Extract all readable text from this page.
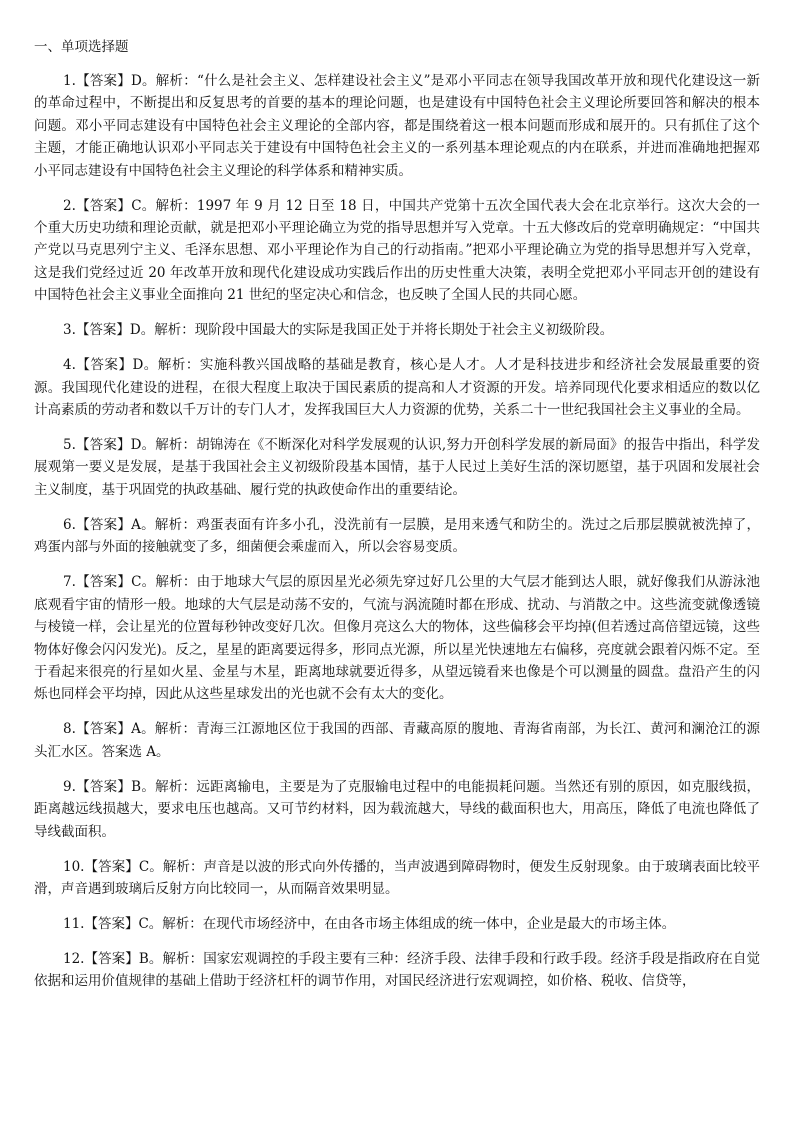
一、单项选择题

1.【答案】D。解析：“什么是社会主义、怎样建设社会主义”是邓小平同志在领导我国改革开放和现代化建设这一新的革命过程中，不断提出和反复思考的首要的基本的理论问题，也是建设有中国特色社会主义理论所要回答和解决的根本问题。邓小平同志建设有中国特色社会主义理论的全部内容，都是围绕着这一根本问题而形成和展开的。只有抓住了这个主题，才能正确地认识邓小平同志关于建设有中国特色社会主义的一系列基本理论观点的内在联系，并进而准确地把握邓小平同志建设有中国特色社会主义理论的科学体系和精神实质。

2.【答案】C。解析：1997 年 9 月 12 日至 18 日，中国共产党第十五次全国代表大会在北京举行。这次大会的一个重大历史功绩和理论贡献，就是把邓小平理论确立为党的指导思想并写入党章。十五大修改后的党章明确规定：“中国共产党以马克思列宁主义、毛泽东思想、邓小平理论作为自己的行动指南。”把邓小平理论确立为党的指导思想并写入党章，这是我们党经过近 20 年改革开放和现代化建设成功实践后作出的历史性重大决策，表明全党把邓小平同志开创的建设有中国特色社会主义事业全面推向 21 世纪的坚定决心和信念，也反映了全国人民的共同心愿。

3.【答案】D。解析：现阶段中国最大的实际是我国正处于并将长期处于社会主义初级阶段。

4.【答案】D。解析：实施科教兴国战略的基础是教育，核心是人才。人才是科技进步和经济社会发展最重要的资源。我国现代化建设的进程，在很大程度上取决于国民素质的提高和人才资源的开发。培养同现代化要求相适应的数以亿计高素质的劳动者和数以千万计的专门人才，发挥我国巨大人力资源的优势，关系二十一世纪我国社会主义事业的全局。

5.【答案】D。解析：胡锦涛在《不断深化对科学发展观的认识,努力开创科学发展的新局面》的报告中指出，科学发展观第一要义是发展，是基于我国社会主义初级阶段基本国情，基于人民过上美好生活的深切愿望，基于巩固和发展社会主义制度，基于巩固党的执政基础、履行党的执政使命作出的重要结论。

6.【答案】A。解析：鸡蛋表面有许多小孔，没洗前有一层膜，是用来透气和防尘的。洗过之后那层膜就被洗掉了，鸡蛋内部与外面的接触就变了多，细菌便会乘虚而入，所以会容易变质。

7.【答案】C。解析：由于地球大气层的原因星光必须先穿过好几公里的大气层才能到达人眼，就好像我们从游泳池底观看宇宙的情形一般。地球的大气层是动荡不安的，气流与涡流随时都在形成、扰动、与消散之中。这些流变就像透镜与棱镜一样，会让星光的位置每秒钟改变好几次。但像月亮这么大的物体，这些偏移会平均掉(但若透过高倍望远镜，这些物体好像会闪闪发光)。反之，星星的距离要远得多，形同点光源，所以星光快速地左右偏移，亮度就会跟着闪烁不定。至于看起来很亮的行星如火星、金星与木星，距离地球就要近得多，从望远镜看来也像是个可以测量的圆盘。盘沿产生的闪烁也同样会平均掉，因此从这些星球发出的光也就不会有太大的变化。

8.【答案】A。解析：青海三江源地区位于我国的西部、青藏高原的腹地、青海省南部，为长江、黄河和澜沧江的源头汇水区。答案选 A。

9.【答案】B。解析：远距离输电，主要是为了克服输电过程中的电能损耗问题。当然还有别的原因，如克服线损，距离越远线损越大，要求电压也越高。又可节约材料，因为载流越大，导线的截面积也大，用高压，降低了电流也降低了导线截面积。

10.【答案】C。解析：声音是以波的形式向外传播的，当声波遇到障碍物时，便发生反射现象。由于玻璃表面比较平滑，声音遇到玻璃后反射方向比较同一，从而隔音效果明显。

11.【答案】C。解析：在现代市场经济中，在由各市场主体组成的统一体中，企业是最大的市场主体。

12.【答案】B。解析：国家宏观调控的手段主要有三种：经济手段、法律手段和行政手段。经济手段是指政府在自觉依据和运用价值规律的基础上借助于经济杠杆的调节作用，对国民经济进行宏观调控，如价格、税收、信贷等，
